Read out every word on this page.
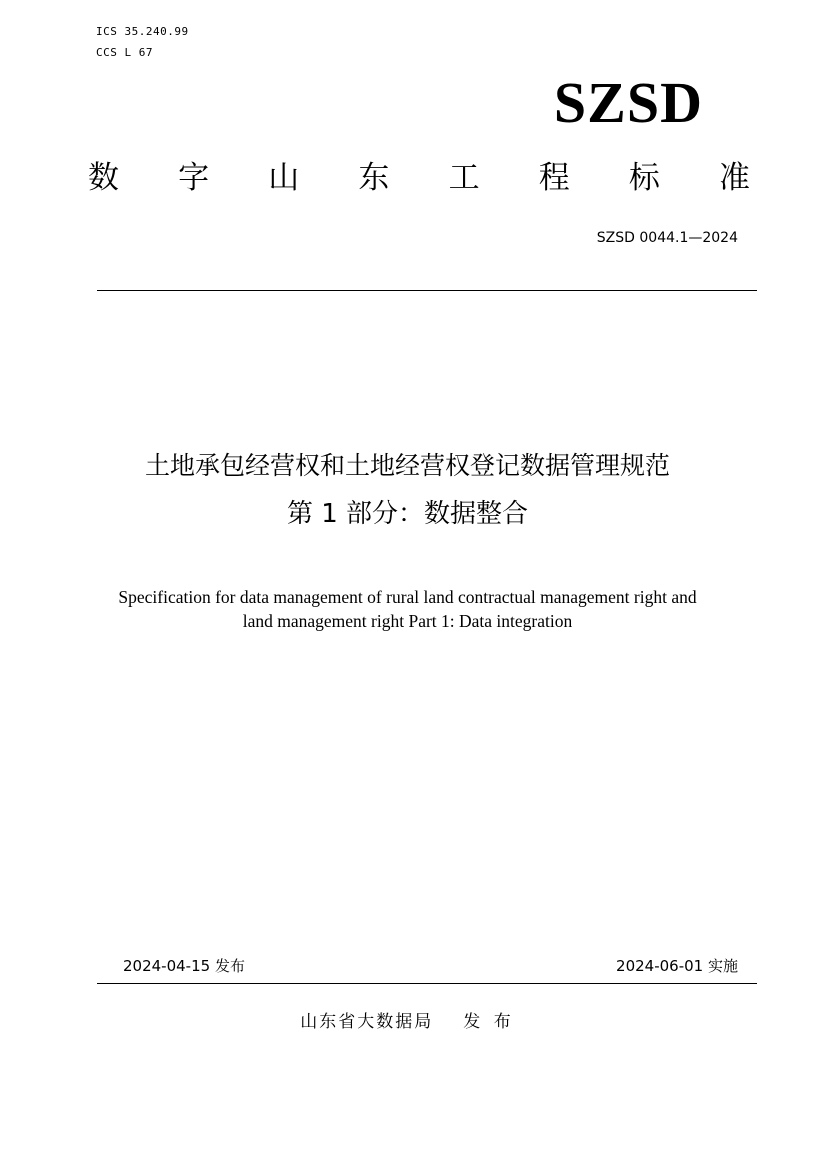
ICS 35.240.99
CCS L 67
SZSD
数 字 山 东 工 程 标 准
SZSD 0044.1—2024
土地承包经营权和土地经营权登记数据管理规范
第 1 部分：数据整合
Specification for data management of rural land contractual management right and
land management right Part 1: Data integration
2024-04-15 发布	2024-06-01 实施
山东省大数据局 发 布
